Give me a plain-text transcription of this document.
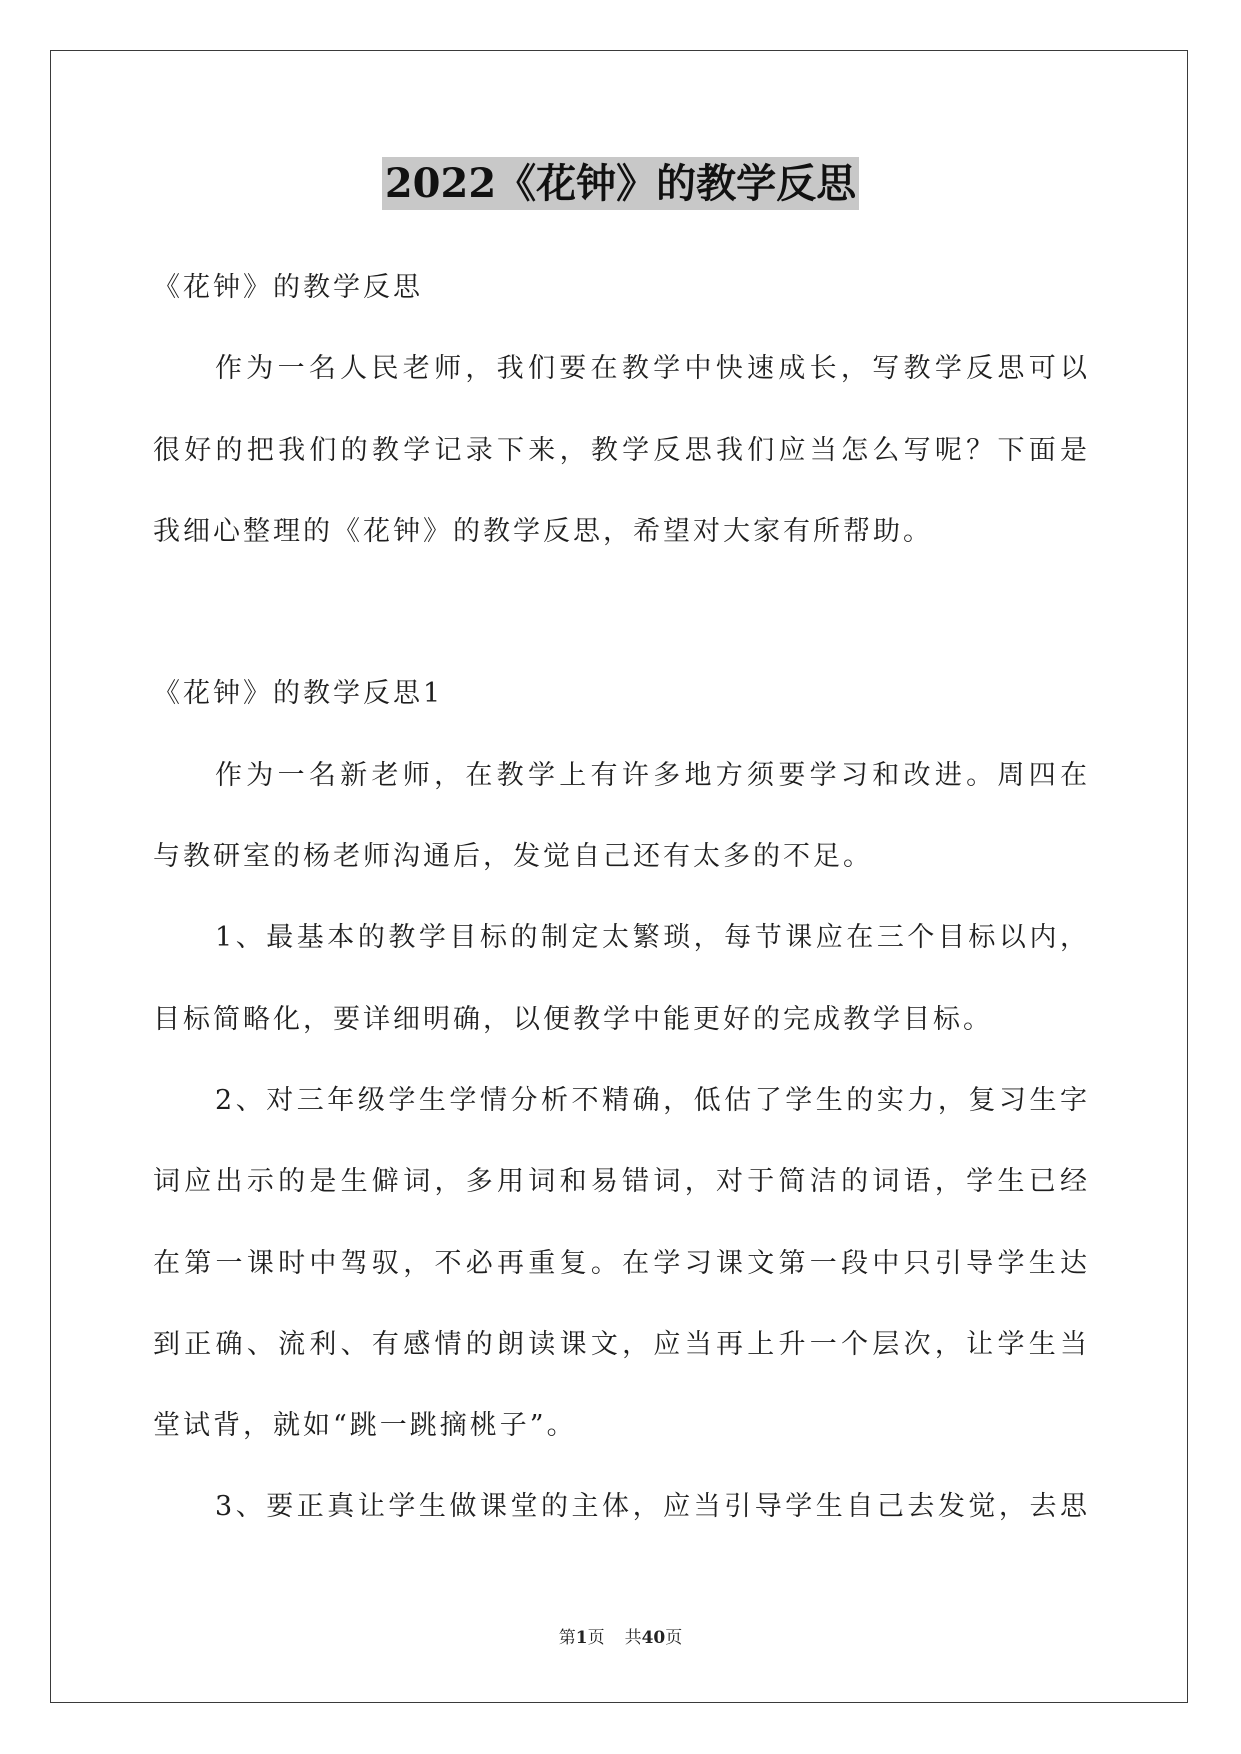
2022《花钟》的教学反思
《花钟》的教学反思
作为一名人民老师，我们要在教学中快速成长，写教学反思可以
很好的把我们的教学记录下来，教学反思我们应当怎么写呢？下面是
我细心整理的《花钟》的教学反思，希望对大家有所帮助。
《花钟》的教学反思1
作为一名新老师，在教学上有许多地方须要学习和改进。周四在
与教研室的杨老师沟通后，发觉自己还有太多的不足。
1、最基本的教学目标的制定太繁琐，每节课应在三个目标以内，
目标简略化，要详细明确，以便教学中能更好的完成教学目标。
2、对三年级学生学情分析不精确，低估了学生的实力，复习生字
词应出示的是生僻词，多用词和易错词，对于简洁的词语，学生已经
在第一课时中驾驭，不必再重复。在学习课文第一段中只引导学生达
到正确、流利、有感情的朗读课文，应当再上升一个层次，让学生当
堂试背，就如“跳一跳摘桃子”。
3、要正真让学生做课堂的主体，应当引导学生自己去发觉，去思
第1页 共40页
